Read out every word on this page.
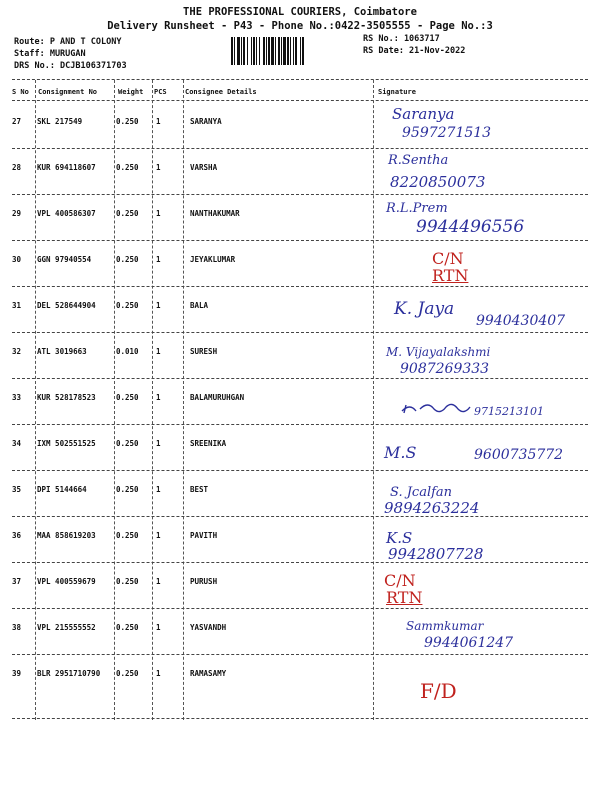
THE PROFESSIONAL COURIERS, Coimbatore
Delivery Runsheet - P43 - Phone No.:0422-3505555 - Page No.:3
Route: P AND T COLONY
Staff: MURUGAN
DRS No.: DCJB106371703
RS No.: 1063717
RS Date: 21-Nov-2022
S No Consignment No	Weight PCS	Consignee Details	Signature
27 SKL 217549	0.250 1	SARANYA	Saranya
9597271513
28 KUR 694118607	0.250 1	VARSHA	R.Sentha
8220850073
29 VPL 400586307	0.250 1	NANTHAKUMAR	R.L.Prem
9944496556
30 GGN 97940554	0.250 1	JEYAKLUMAR	C/N
RTN
31 DEL 528644904	0.250 1	BALA	K. Jaya
9940430407
32 ATL 3019663	0.010 1	SURESH	M. Vijayalakshmi
9087269333
33 KUR 528178523	0.250 1	BALAMURUHGAN
9715213101
34 IXM 502551525	0.250 1	SREENIKA	M.S	9600735772
35 DPI 5144664	0.250 1	BEST	S. Jcalfan
9894263224
36 MAA 858619203	0.250 1	PAVITH	K.S
9942807728
37 VPL 400559679	0.250 1	PURUSH	C/N
RTN
38 VPL 215555552	0.250 1	YASVANDH	Sammkumar
9944061247
39 BLR 2951710790 0.250 1	RAMASAMY
F/D
